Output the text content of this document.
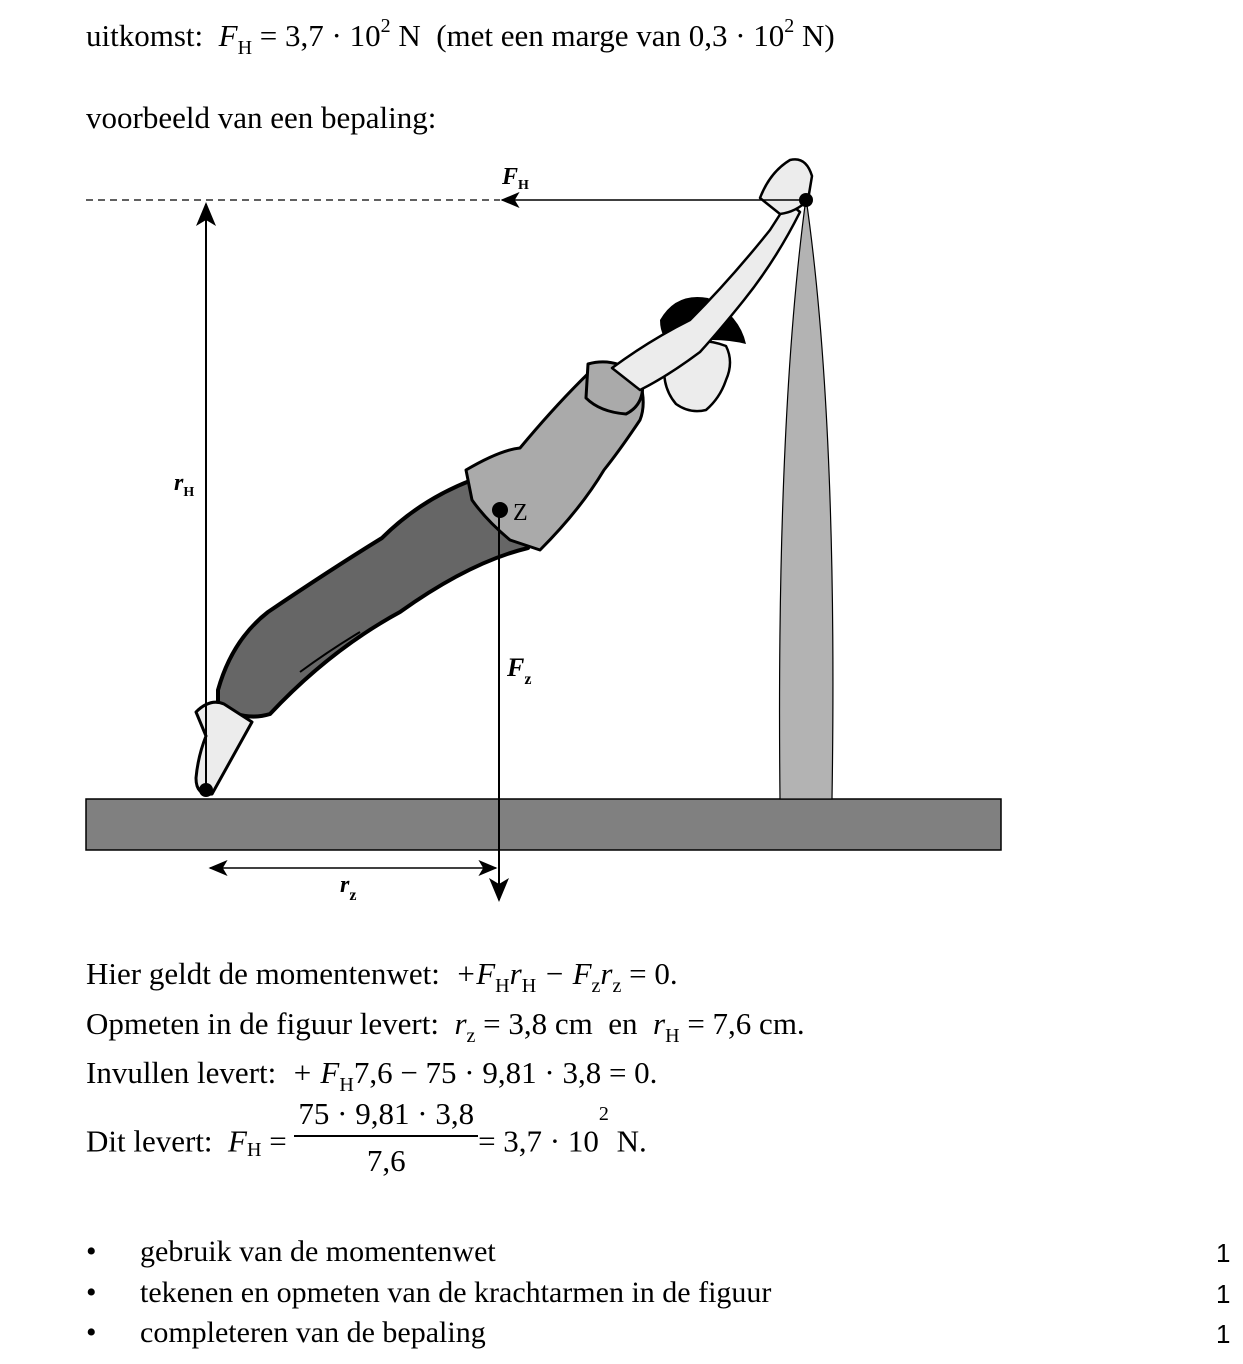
uitkomst: $F_H = 3,7 \cdot 10^2$ N (met een marge van $0,3 \cdot 10^2$ N)
voorbeeld van een bepaling:
$F_H$
$r_H$
Z
$F_z$
$r_z$
Hier geldt de momentenwet: $+F_Hr_H - F_zr_z = 0$.
Opmeten in de figuur levert: $r_z = 3,8$ cm en $r_H = 7,6$ cm.
Invullen levert: + $F_H7,6 - 75 \cdot 9,81 \cdot 3,8 = 0$.
Dit levert: $F_H = \frac{75 \cdot 9,81 \cdot 3,8}{7,6} = 3,7 \cdot 10^2$ N.
• gebruik van de momentenwet	1
• tekenen en opmeten van de krachtarmen in de figuur	1
• completeren van de bepaling	1
